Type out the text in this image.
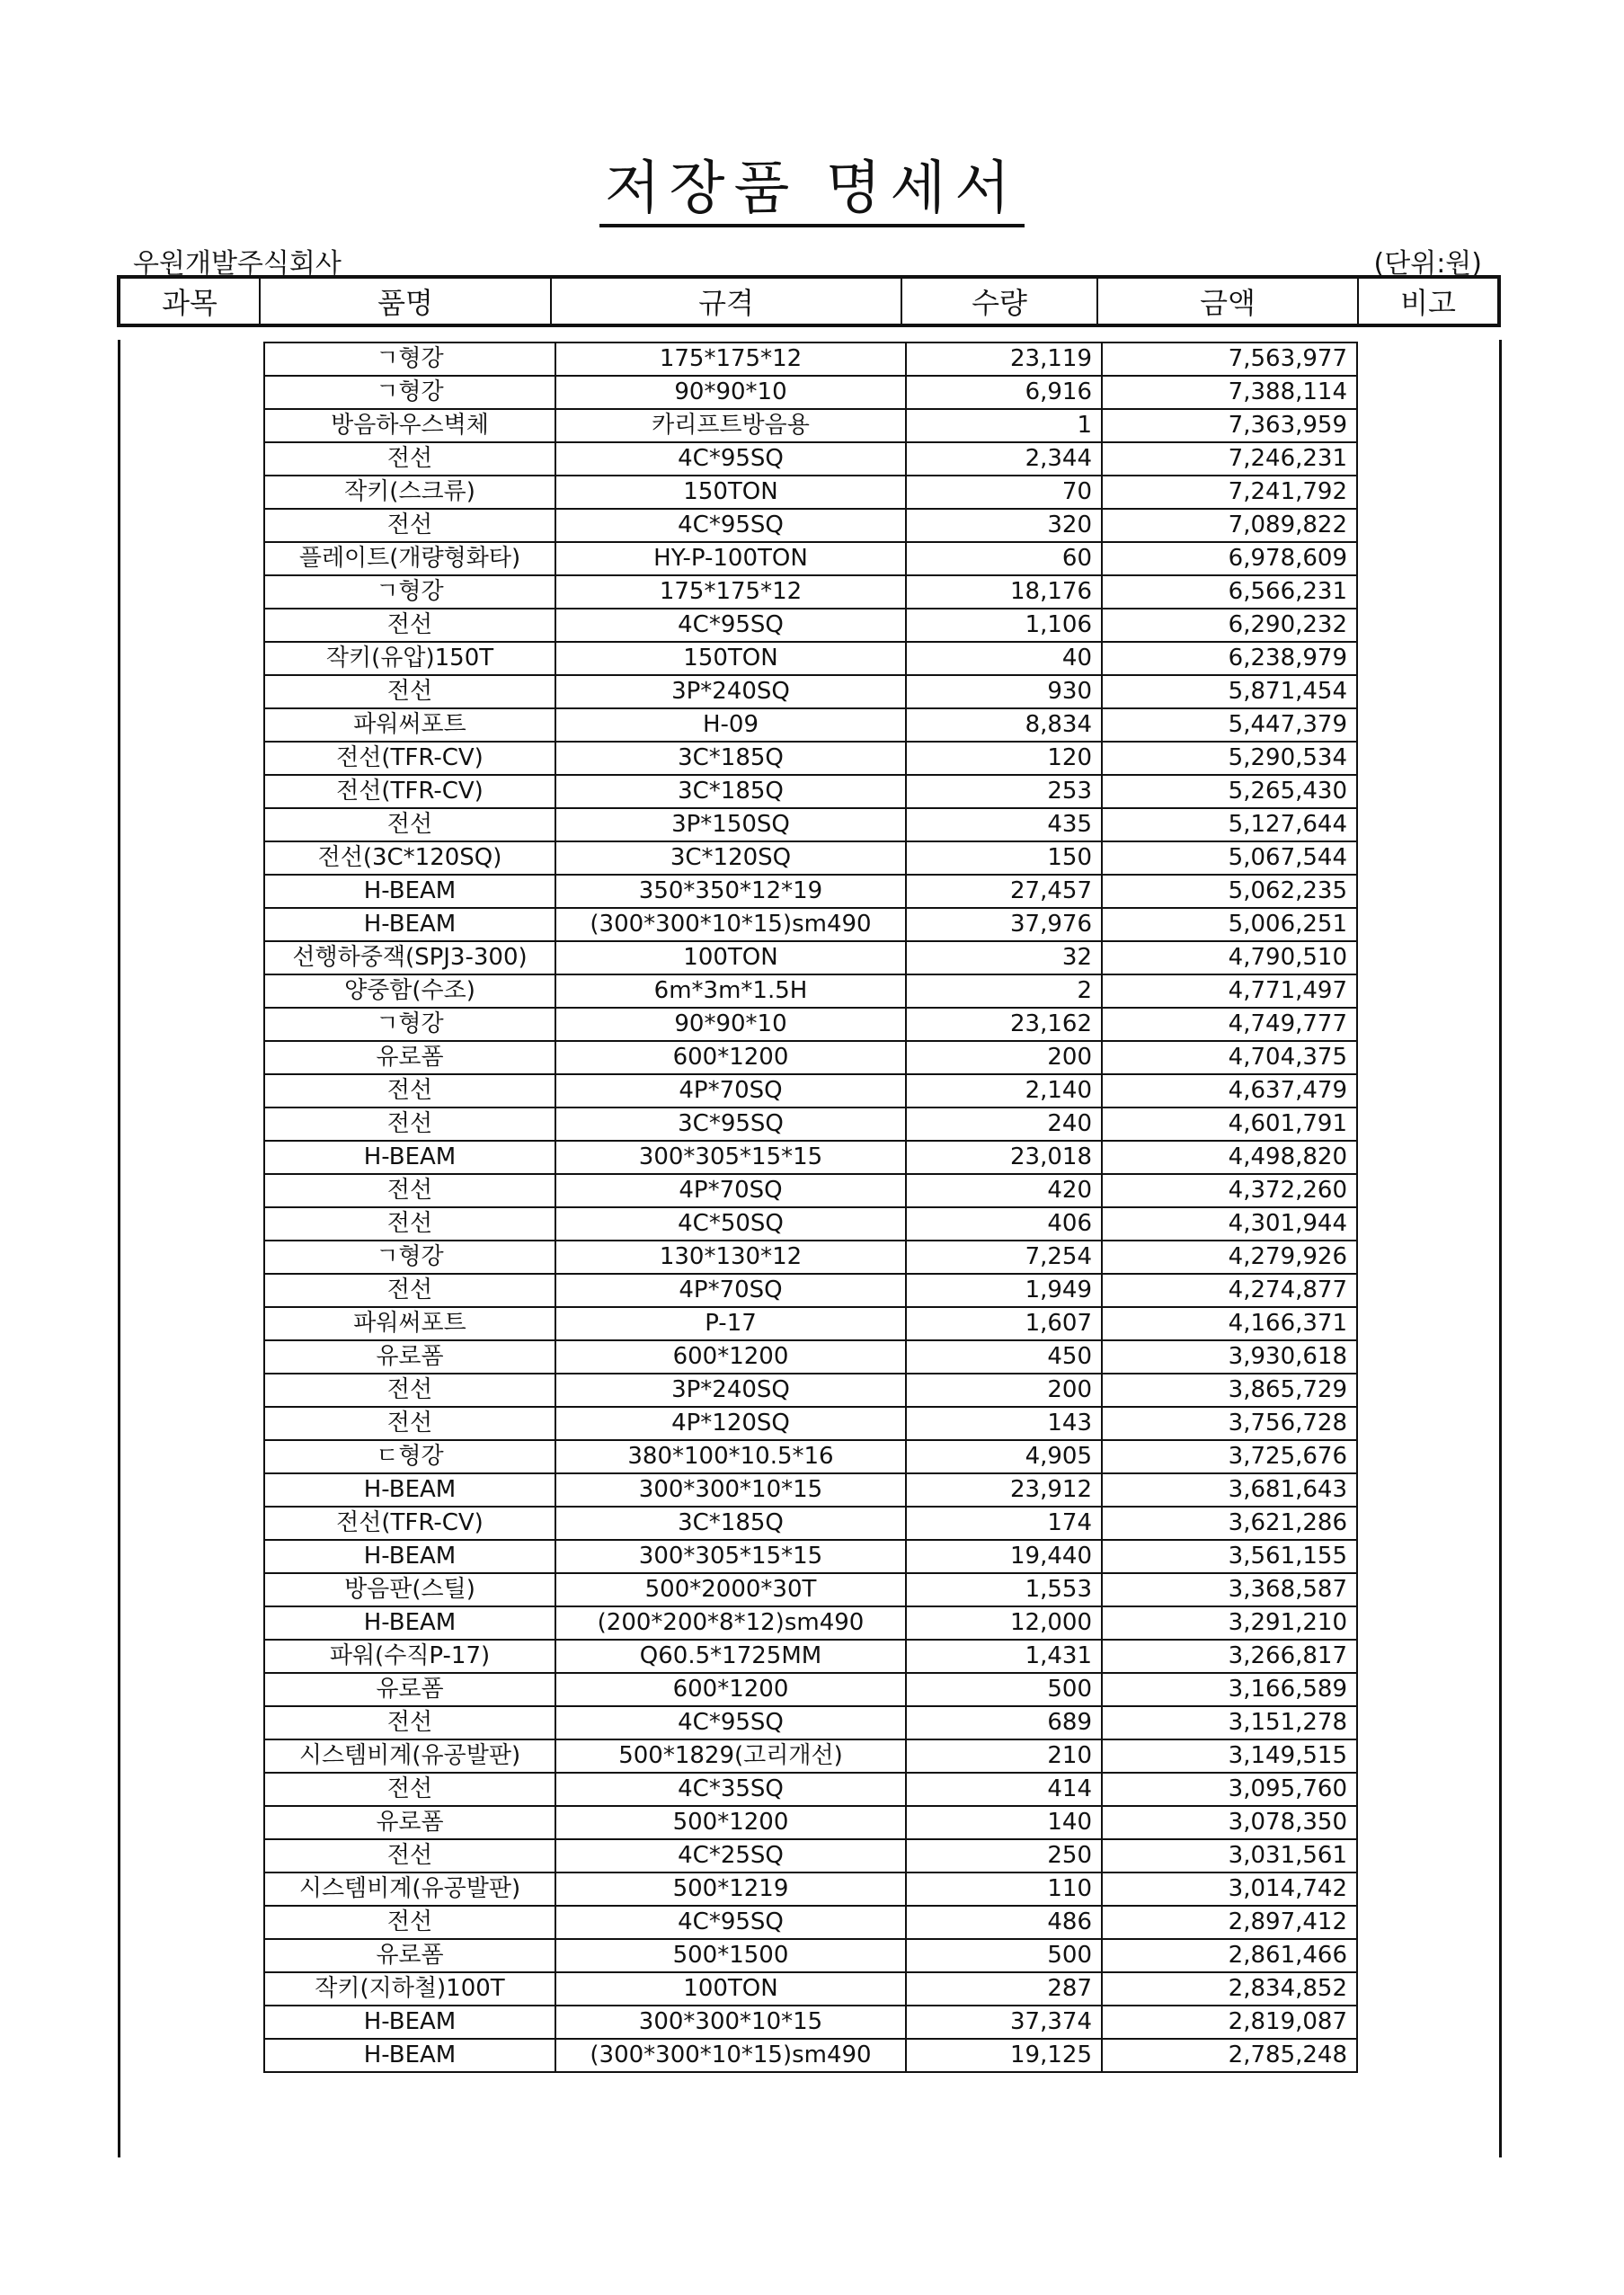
저장품 명세서
우원개발주식회사	(단위:원)
과목	품명	규격	수량	금액	비고
ㄱ형강	175*175*12	23,119	7,563,977
ㄱ형강	90*90*10	6,916	7,388,114
방음하우스벽체	카리프트방음용	1	7,363,959
전선	4C*95SQ	2,344	7,246,231
작키(스크류)	150TON	70	7,241,792
전선	4C*95SQ	320	7,089,822
플레이트(개량형화타)	HY-P-100TON	60	6,978,609
ㄱ형강	175*175*12	18,176	6,566,231
전선	4C*95SQ	1,106	6,290,232
작키(유압)150T	150TON	40	6,238,979
전선	3P*240SQ	930	5,871,454
파워써포트	H-09	8,834	5,447,379
전선(TFR-CV)	3C*185Q	120	5,290,534
전선(TFR-CV)	3C*185Q	253	5,265,430
전선	3P*150SQ	435	5,127,644
전선(3C*120SQ)	3C*120SQ	150	5,067,544
H-BEAM	350*350*12*19	27,457	5,062,235
H-BEAM	(300*300*10*15)sm490	37,976	5,006,251
선행하중잭(SPJ3-300)	100TON	32	4,790,510
양중함(수조)	6m*3m*1.5H	2	4,771,497
ㄱ형강	90*90*10	23,162	4,749,777
유로폼	600*1200	200	4,704,375
전선	4P*70SQ	2,140	4,637,479
전선	3C*95SQ	240	4,601,791
H-BEAM	300*305*15*15	23,018	4,498,820
전선	4P*70SQ	420	4,372,260
전선	4C*50SQ	406	4,301,944
ㄱ형강	130*130*12	7,254	4,279,926
전선	4P*70SQ	1,949	4,274,877
파워써포트	P-17	1,607	4,166,371
유로폼	600*1200	450	3,930,618
전선	3P*240SQ	200	3,865,729
전선	4P*120SQ	143	3,756,728
ㄷ형강	380*100*10.5*16	4,905	3,725,676
H-BEAM	300*300*10*15	23,912	3,681,643
전선(TFR-CV)	3C*185Q	174	3,621,286
H-BEAM	300*305*15*15	19,440	3,561,155
방음판(스틸)	500*2000*30T	1,553	3,368,587
H-BEAM	(200*200*8*12)sm490	12,000	3,291,210
파워(수직P-17)	Q60.5*1725MM	1,431	3,266,817
유로폼	600*1200	500	3,166,589
전선	4C*95SQ	689	3,151,278
시스템비계(유공발판)	500*1829(고리개선)	210	3,149,515
전선	4C*35SQ	414	3,095,760
유로폼	500*1200	140	3,078,350
전선	4C*25SQ	250	3,031,561
시스템비계(유공발판)	500*1219	110	3,014,742
전선	4C*95SQ	486	2,897,412
유로폼	500*1500	500	2,861,466
작키(지하철)100T	100TON	287	2,834,852
H-BEAM	300*300*10*15	37,374	2,819,087
H-BEAM	(300*300*10*15)sm490	19,125	2,785,248
